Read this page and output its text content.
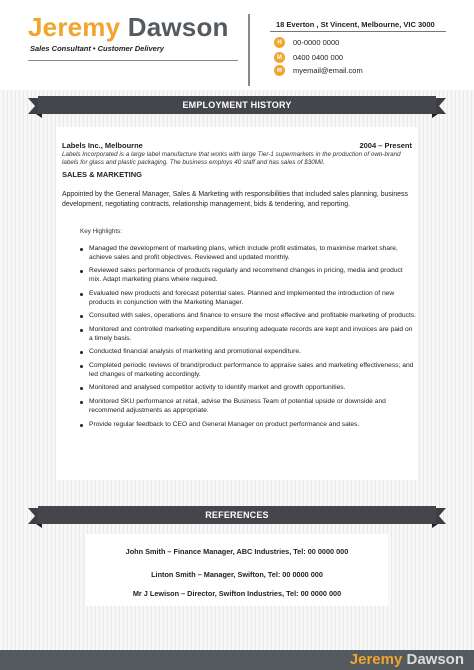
Jeremy Dawson
Sales Consultant • Customer Delivery
18 Everton , St Vincent, Melbourne, VIC 3000
H	00-0000 0000
M	0400 0400 000
✉	myemail@email.com
EMPLOYMENT HISTORY
Labels Inc., Melbourne	2004 – Present
Labels Incorporated is a large label manufacture that works with large Tier-1 supermarkets in the production of own-brand labels for glass and plastic packaging. The business employs 40 staff and has sales of $30Mil.
SALES & MARKETING
Appointed by the General Manager, Sales & Marketing with responsibilities that included sales planning, business development, negotiating contracts, relationship management, bids & tendering, and reporting.
Key Highlights:
Managed the development of marketing plans, which include profit estimates, to maximise market share, achieve sales and profit objectives. Reviewed and updated monthly.
Reviewed sales performance of products regularly and recommend changes in pricing, media and product mix. Adapt marketing plans where required.
Evaluated new products and forecast potential sales. Planned and implemented the introduction of new products in conjunction with the Marketing Manager.
Consulted with sales, operations and finance to ensure the most effective and profitable marketing of products.
Monitored and controlled marketing expenditure ensuring adequate records are kept and invoices are paid on a timely basis.
Conducted financial analysis of marketing and promotional expenditure.
Completed periodic reviews of brand/product performance to appraise sales and marketing effectiveness; and led changes of marketing accordingly.
Monitored and analysed competitor activity to identify market and growth opportunities.
Monitored SKU performance at retail, advise the Business Team of potential upside or downside and recommend adjustments as appropriate.
Provide regular feedback to CEO and General Manager on product performance and sales.
REFERENCES
John Smith – Finance Manager, ABC Industries, Tel: 00 0000 000
Linton Smith – Manager, Swifton, Tel: 00 0000 000
Mr J Lewison – Director, Swifton Industries, Tel: 00 0000 000
Jeremy Dawson
